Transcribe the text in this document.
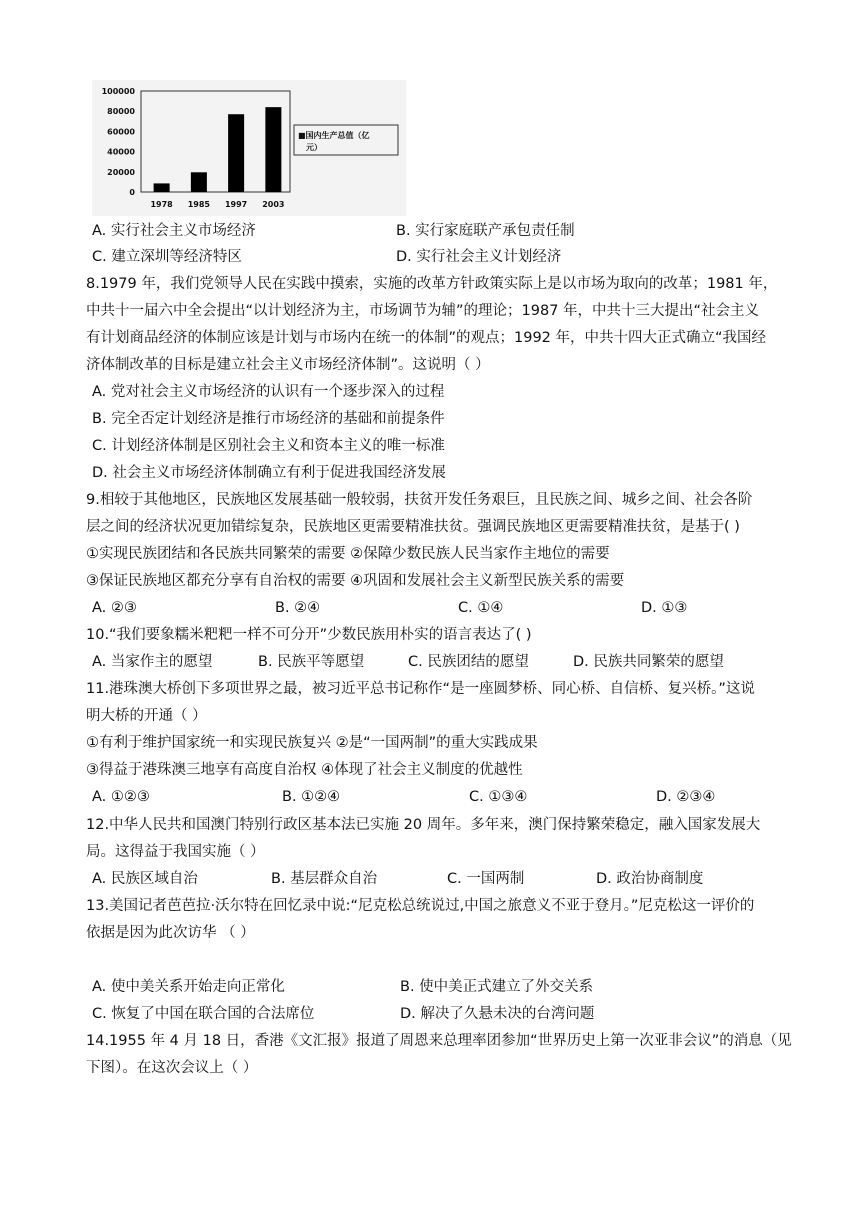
100000
80000
60000
40000
20000
0
1978 1985 1997 2003
■国内生产总值（亿
元）
A. 实行社会主义市场经济	B. 实行家庭联产承包责任制
C. 建立深圳等经济特区	D. 实行社会主义计划经济
8.1979 年，我们党领导人民在实践中摸索，实施的改革方针政策实际上是以市场为取向的改革；1981 年，
中共十一届六中全会提出“以计划经济为主，市场调节为辅”的理论；1987 年，中共十三大提出“社会主义
有计划商品经济的体制应该是计划与市场内在统一的体制”的观点；1992 年，中共十四大正式确立“我国经
济体制改革的目标是建立社会主义市场经济体制”。这说明（ ）
A. 党对社会主义市场经济的认识有一个逐步深入的过程
B. 完全否定计划经济是推行市场经济的基础和前提条件
C. 计划经济体制是区别社会主义和资本主义的唯一标准
D. 社会主义市场经济体制确立有利于促进我国经济发展
9.相较于其他地区，民族地区发展基础一般较弱，扶贫开发任务艰巨，且民族之间、城乡之间、社会各阶
层之间的经济状况更加错综复杂，民族地区更需要精准扶贫。强调民族地区更需要精准扶贫，是基于( )
①实现民族团结和各民族共同繁荣的需要 ②保障少数民族人民当家作主地位的需要
③保证民族地区都充分享有自治权的需要 ④巩固和发展社会主义新型民族关系的需要
A. ②③	B. ②④	C. ①④	D. ①③
10.“我们要象糯米粑粑一样不可分开”少数民族用朴实的语言表达了( )
A. 当家作主的愿望	B. 民族平等愿望	C. 民族团结的愿望	D. 民族共同繁荣的愿望
11.港珠澳大桥创下多项世界之最，被习近平总书记称作“是一座圆梦桥、同心桥、自信桥、复兴桥。”这说
明大桥的开通（ ）
①有利于维护国家统一和实现民族复兴 ②是“一国两制”的重大实践成果
③得益于港珠澳三地享有高度自治权 ④体现了社会主义制度的优越性
A. ①②③	B. ①②④	C. ①③④	D. ②③④
12.中华人民共和国澳门特别行政区基本法已实施 20 周年。多年来，澳门保持繁荣稳定，融入国家发展大
局。这得益于我国实施（ ）
A. 民族区域自治	B. 基层群众自治	C. 一国两制	D. 政治协商制度
13.美国记者芭芭拉·沃尔特在回忆录中说:“尼克松总统说过,中国之旅意义不亚于登月。”尼克松这一评价的
依据是因为此次访华 （ ）
A. 使中美关系开始走向正常化	B. 使中美正式建立了外交关系
C. 恢复了中国在联合国的合法席位	D. 解决了久悬未决的台湾问题
14.1955 年 4 月 18 日，香港《文汇报》报道了周恩来总理率团参加“世界历史上第一次亚非会议”的消息（见
下图）。在这次会议上（ ）
